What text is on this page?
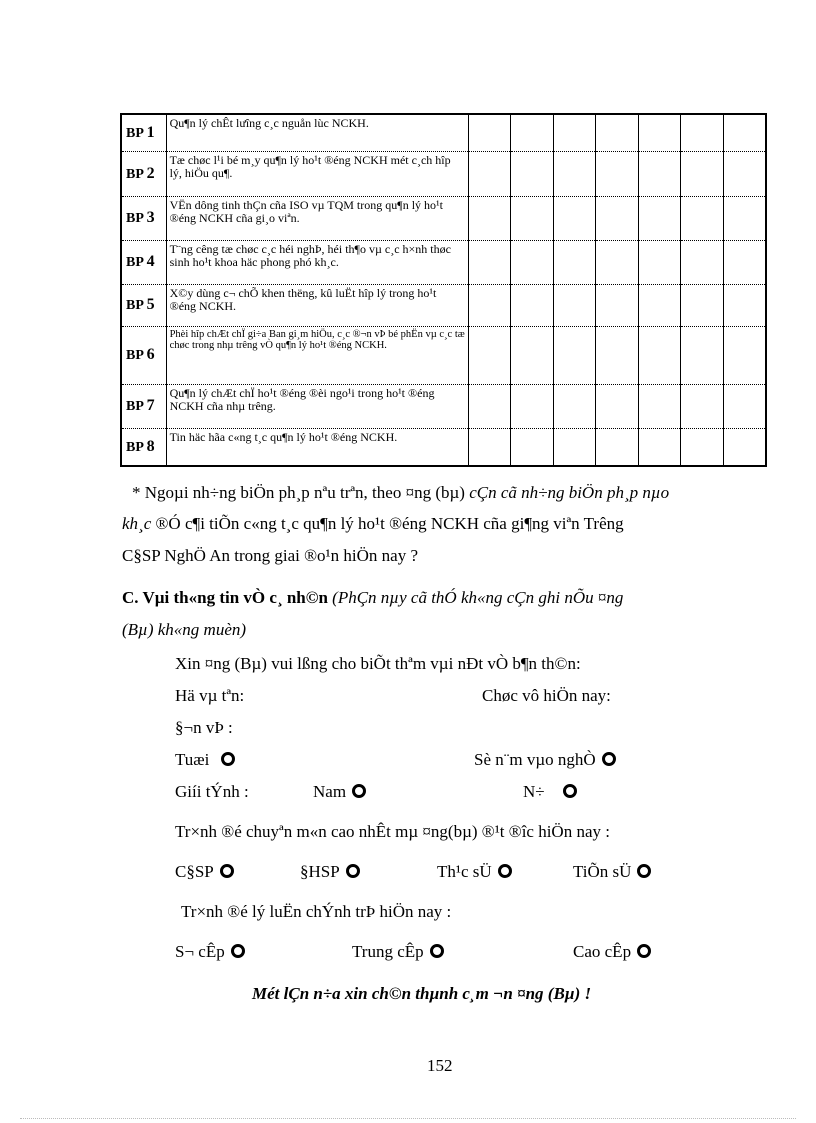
BP 1	Qu¶n lý chÊt lưîng c¸c nguån lùc NCKH.							
BP 2	Tæ chøc l¹i bé m¸y qu¶n lý ho¹t ®éng NCKH mét c¸ch hîp lý, hiÖu qu¶.							
BP 3	VËn dông tinh thÇn cña ISO vµ TQM trong qu¶n lý ho¹t ®éng NCKH cña gi¸o viªn.							
BP 4	T¨ng cêng tæ chøc c¸c héi nghÞ, héi th¶o vµ c¸c h×nh thøc sinh ho¹t khoa häc phong phó kh¸c.							
BP 5	X©y dùng c¬ chÕ khen thëng, kû luËt hîp lý trong ho¹t ®éng NCKH.							
BP 6	Phèi hîp chÆt chÏ gi÷a Ban gi¸m hiÖu, c¸c ®¬n vÞ bé phËn vµ c¸c tæ chøc trong nhµ trêng vÒ qu¶n lý ho¹t ®éng NCKH.							
BP 7	Qu¶n lý chÆt chÏ ho¹t ®éng ®èi ngo¹i trong ho¹t ®éng NCKH cña nhµ trêng.							
BP 8	Tin häc hãa c«ng t¸c qu¶n lý ho¹t ®éng NCKH.							
* Ngoµi nh÷ng biÖn ph¸p nªu trªn, theo ¤ng (bµ) cÇn cã nh÷ng biÖn ph¸p nµo
kh¸c ®Ó c¶i tiÕn c«ng t¸c qu¶n lý ho¹t ®éng NCKH cña gi¶ng viªn Trêng
C§SP NghÖ An trong giai ®o¹n hiÖn nay ?
C. Vµi th«ng tin vÒ c¸ nh©n (PhÇn nµy cã thÓ kh«ng cÇn ghi nÕu ¤ng
(Bµ) kh«ng muèn)
Xin ¤ng (Bµ) vui lßng cho biÕt thªm vµi nÐt vÒ b¶n th©n:
Hä vµ tªn:	Chøc vô hiÖn nay:
§¬n vÞ :
Tuæi	Sè n¨m vµo nghÒ
Giíi tÝnh :	Nam	N÷
Tr×nh ®é chuyªn m«n cao nhÊt mµ ¤ng(bµ) ®¹t ®îc hiÖn nay :
C§SP	§HSP	Th¹c sÜ	TiÕn sÜ
Tr×nh ®é lý luËn chÝnh trÞ hiÖn nay :
S¬ cÊp	Trung cÊp	Cao cÊp
Mét lÇn n÷a xin ch©n thµnh c¸m ¬n ¤ng (Bµ) !
152
